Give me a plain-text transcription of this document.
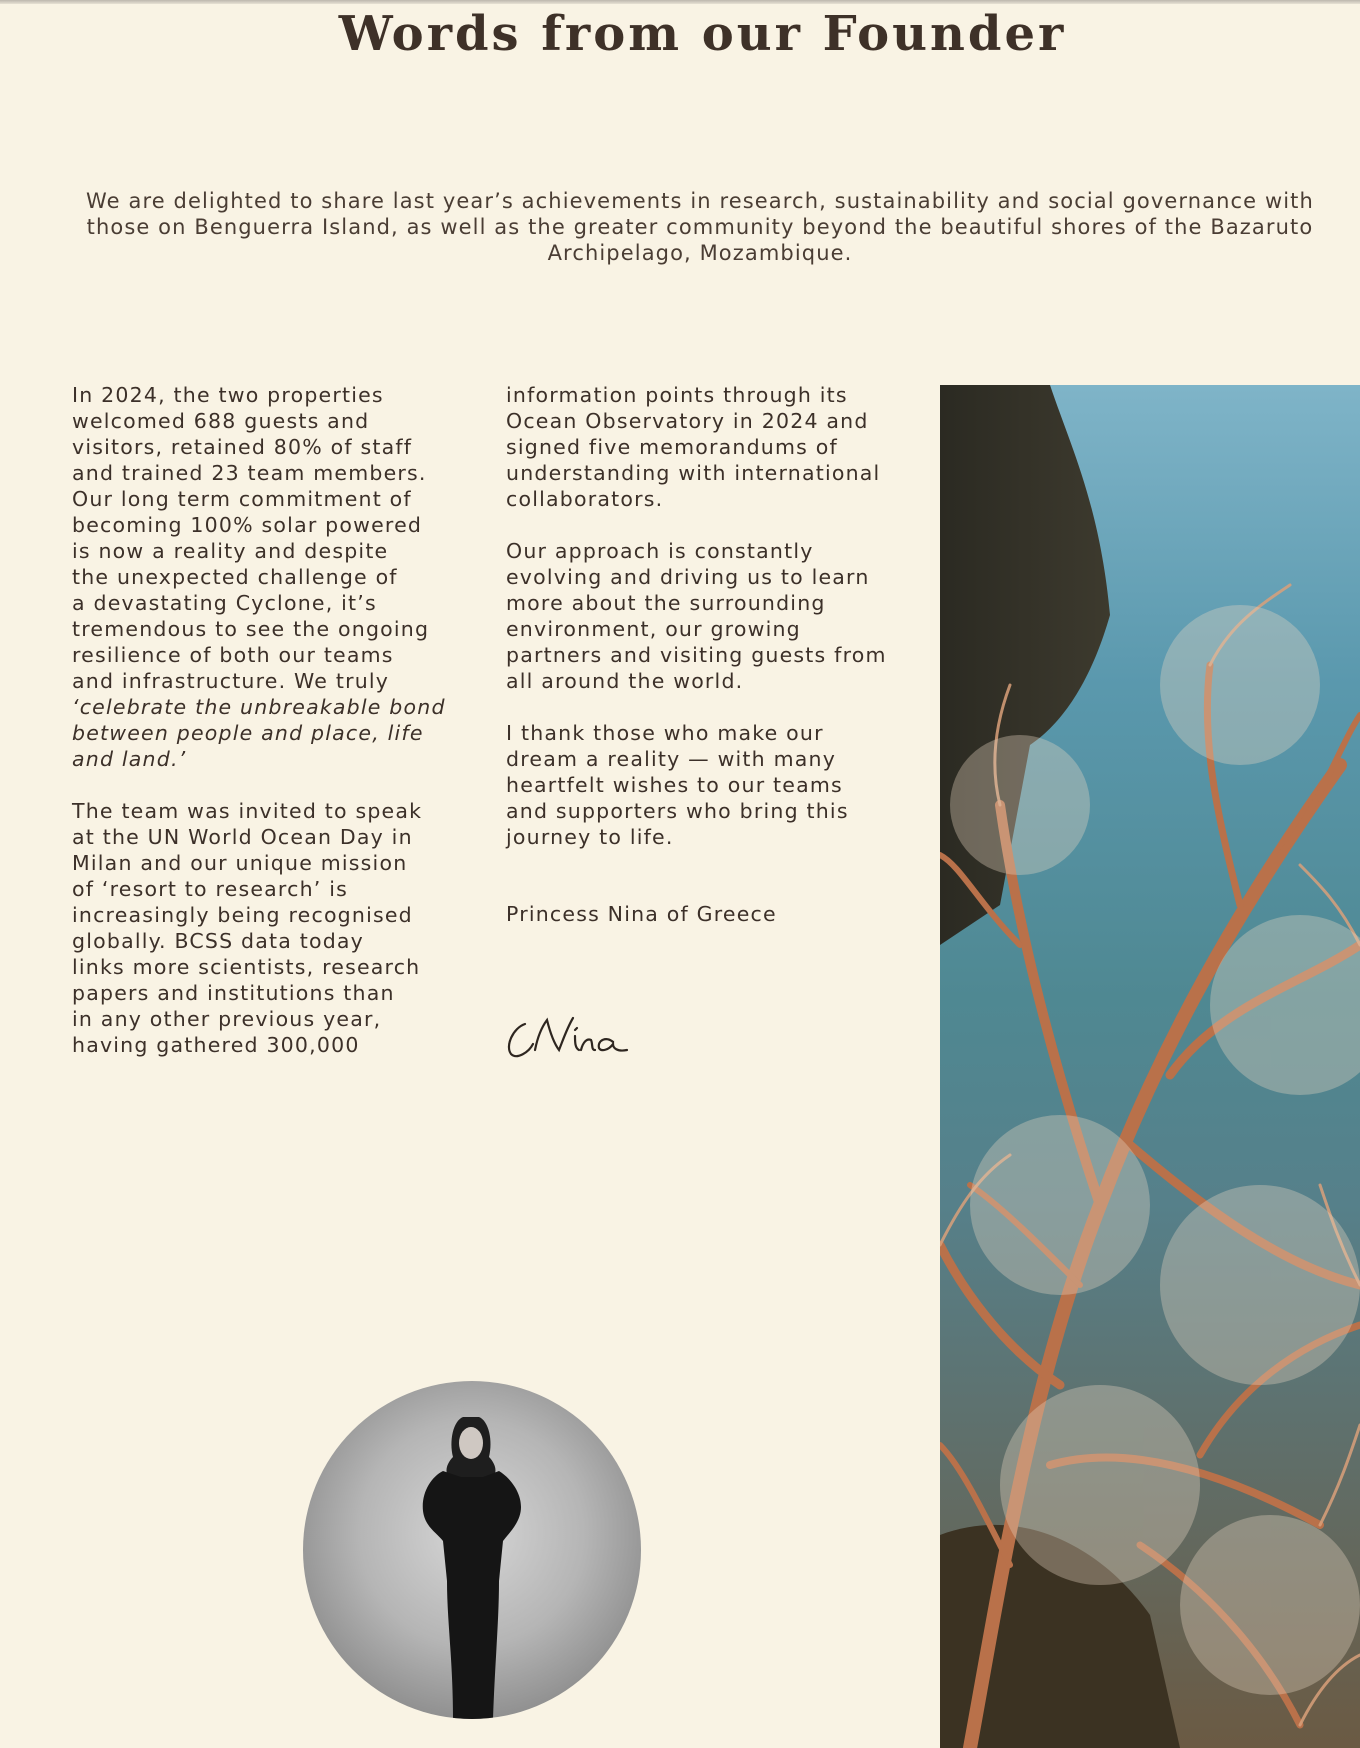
Words from our Founder

We are delighted to share last year’s achievements in research, sustainability and social governance with those on Benguerra Island, as well as the greater community beyond the beautiful shores of the Bazaruto Archipelago, Mozambique.

In 2024, the two properties
welcomed 688 guests and
visitors, retained 80% of staff
and trained 23 team members.
Our long term commitment of
becoming 100% solar powered
is now a reality and despite
the unexpected challenge of
a devastating Cyclone, it’s
tremendous to see the ongoing
resilience of both our teams
and infrastructure. We truly
‘celebrate the unbreakable bond
between people and place, life
and land.’

The team was invited to speak
at the UN World Ocean Day in
Milan and our unique mission
of ‘resort to research’ is
increasingly being recognised
globally. BCSS data today
links more scientists, research
papers and institutions than
in any other previous year,
having gathered 300,000

information points through its
Ocean Observatory in 2024 and
signed five memorandums of
understanding with international
collaborators.

Our approach is constantly
evolving and driving us to learn
more about the surrounding
environment, our growing
partners and visiting guests from
all around the world.

I thank those who make our
dream a reality — with many
heartfelt wishes to our teams
and supporters who bring this
journey to life.

Princess Nina of Greece
